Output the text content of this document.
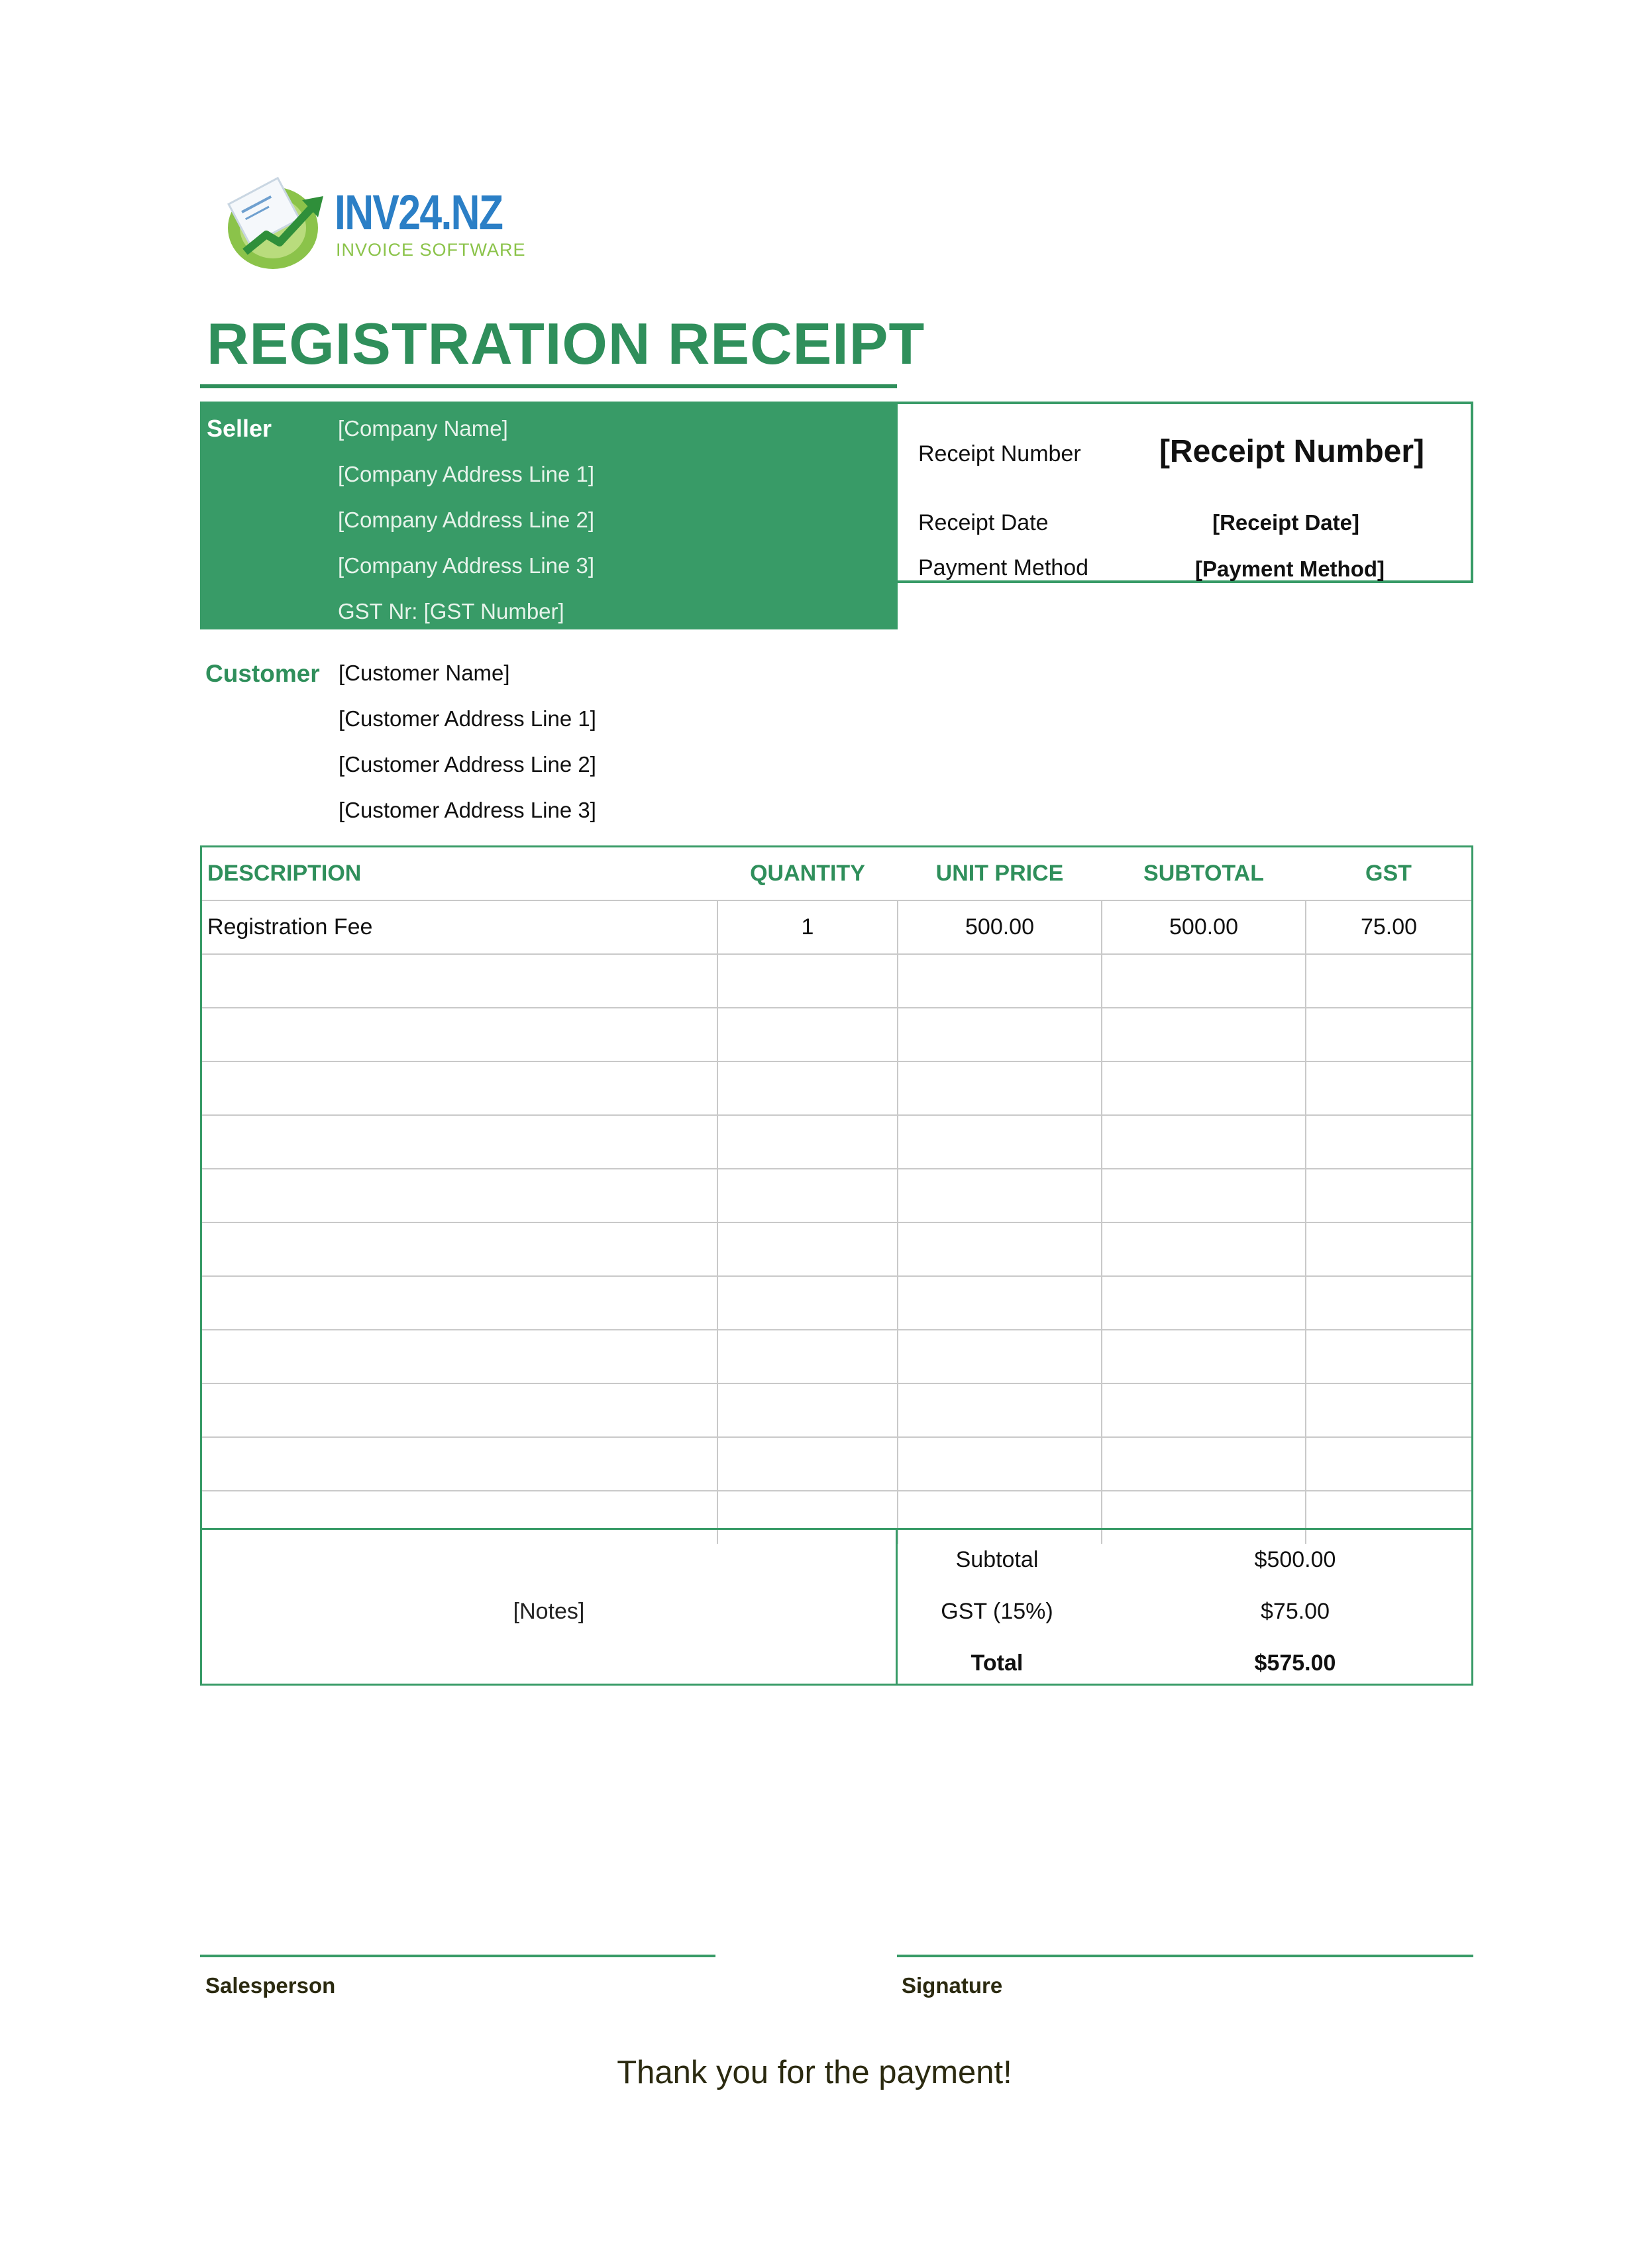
INV24.NZ
INVOICE SOFTWARE
REGISTRATION RECEIPT
Seller	[Company Name]
[Company Address Line 1]
[Company Address Line 2]
[Company Address Line 3]
GST Nr: [GST Number]
Receipt Number [Receipt Number]
Receipt Date	[Receipt Date]
Payment Method	[Payment Method]
Customer [Customer Name]
[Customer Address Line 1]
[Customer Address Line 2]
[Customer Address Line 3]
DESCRIPTION	QUANTITY	UNIT PRICE	SUBTOTAL	GST
Registration Fee	1	500.00	500.00	75.00

[Notes]
Subtotal	$500.00
GST (15%)	$75.00
Total	$575.00
Salesperson	Signature
Thank you for the payment!
